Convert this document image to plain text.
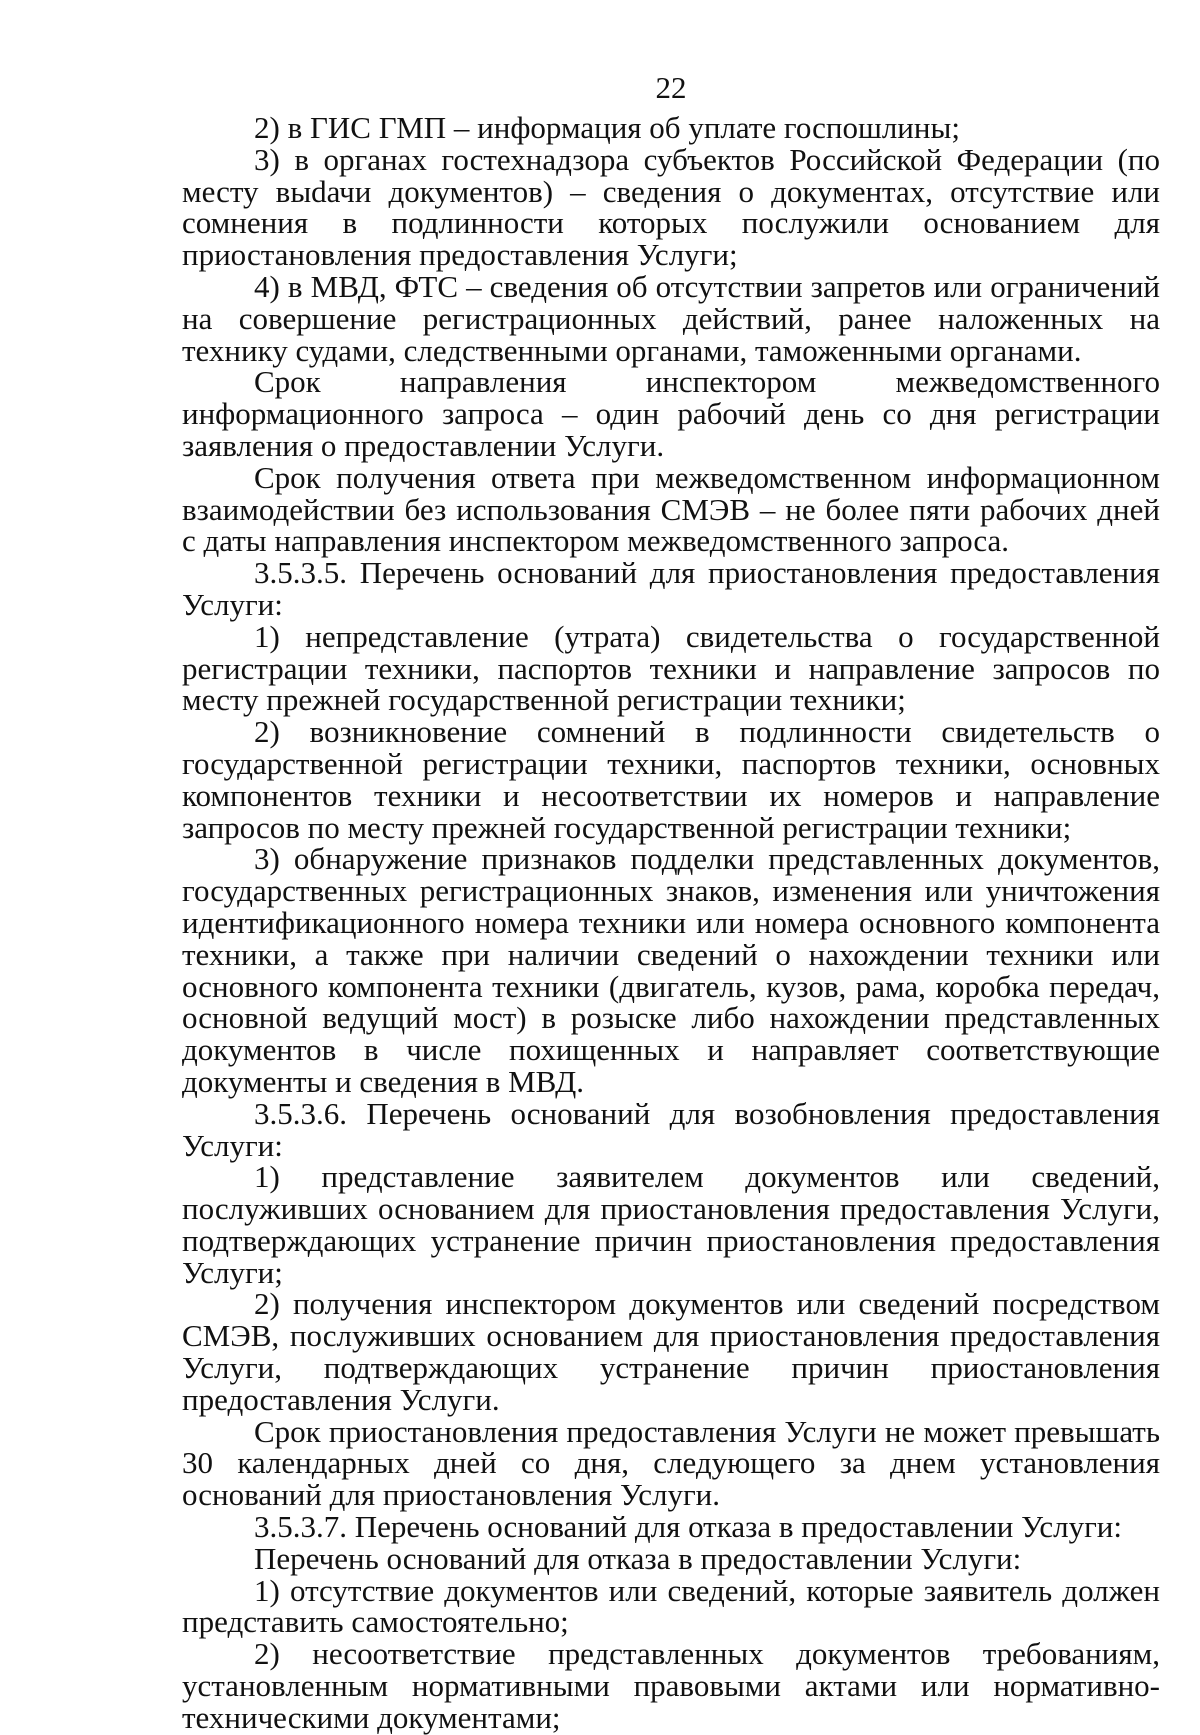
22

2) в ГИС ГМП – информация об уплате госпошлины;

3) в органах гостехнадзора субъектов Российской Федерации (по месту выdачи документов) – сведения о документах, отсутствие или сомнения в подлинности которых послужили основанием для приостановления предоставления Услуги;

4) в МВД, ФТС – сведения об отсутствии запретов или ограничений на совершение регистрационных действий, ранее наложенных на технику судами, следственными органами, таможенными органами.

Срок направления инспектором межведомственного информационного запроса – один рабочий день со дня регистрации заявления о предоставлении Услуги.

Срок получения ответа при межведомственном информационном взаимодействии без использования СМЭВ – не более пяти рабочих дней с даты направления инспектором межведомственного запроса.

3.5.3.5. Перечень оснований для приостановления предоставления Услуги:

1) непредставление (утрата) свидетельства о государственной регистрации техники, паспортов техники и направление запросов по месту прежней государственной регистрации техники;

2) возникновение сомнений в подлинности свидетельств о государственной регистрации техники, паспортов техники, основных компонентов техники и несоответствии их номеров и направление запросов по месту прежней государственной регистрации техники;

3) обнаружение признаков подделки представленных документов, государственных регистрационных знаков, изменения или уничтожения идентификационного номера техники или номера основного компонента техники, а также при наличии сведений о нахождении техники или основного компонента техники (двигатель, кузов, рама, коробка передач, основной ведущий мост) в розыске либо нахождении представленных документов в числе похищенных и направляет соответствующие документы и сведения в МВД.

3.5.3.6. Перечень оснований для возобновления предоставления Услуги:

1) представление заявителем документов или сведений, послуживших основанием для приостановления предоставления Услуги, подтверждающих устранение причин приостановления предоставления Услуги;

2) получения инспектором документов или сведений посредством СМЭВ, послуживших основанием для приостановления предоставления Услуги, подтверждающих устранение причин приостановления предоставления Услуги.

Срок приостановления предоставления Услуги не может превышать 30 календарных дней со дня, следующего за днем установления оснований для приостановления Услуги.

3.5.3.7. Перечень оснований для отказа в предоставлении Услуги:

Перечень оснований для отказа в предоставлении Услуги:

1) отсутствие документов или сведений, которые заявитель должен представить самостоятельно;

2) несоответствие представленных документов требованиям, установленным нормативными правовыми актами или нормативно-техническими документами;
